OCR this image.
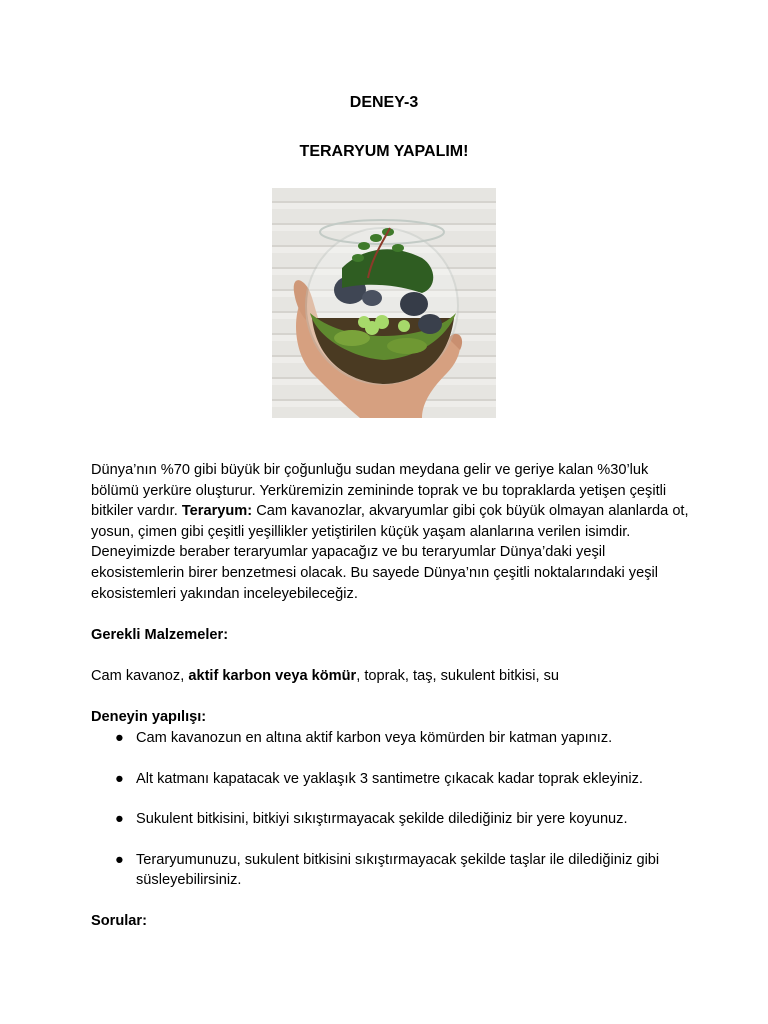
DENEY-3
TERARYUM YAPALIM!

Dünya’nın %70 gibi büyük bir çoğunluğu sudan meydana gelir ve geriye kalan %30’luk bölümü yerküre oluşturur. Yerküremizin zemininde toprak ve bu topraklarda yetişen çeşitli bitkiler vardır. Teraryum: Cam kavanozlar, akvaryumlar gibi çok büyük olmayan alanlarda ot, yosun, çimen gibi çeşitli yeşillikler yetiştirilen küçük yaşam alanlarına verilen isimdir. Deneyimizde beraber teraryumlar yapacağız ve bu teraryumlar Dünya’daki yeşil ekosistemlerin birer benzetmesi olacak. Bu sayede Dünya’nın çeşitli noktalarındaki yeşil ekosistemleri yakından inceleyebileceğiz.

Gerekli Malzemeler:

Cam kavanoz, aktif karbon veya kömür, toprak, taş, sukulent bitkisi, su

Deneyin yapılışı:

● Cam kavanozun en altına aktif karbon veya kömürden bir katman yapınız.
● Alt katmanı kapatacak ve yaklaşık 3 santimetre çıkacak kadar toprak ekleyiniz.
● Sukulent bitkisini, bitkiyi sıkıştırmayacak şekilde dilediğiniz bir yere koyunuz.
● Teraryumunuzu, sukulent bitkisini sıkıştırmayacak şekilde taşlar ile dilediğiniz gibi süsleyebilirsiniz.

Sorular:
